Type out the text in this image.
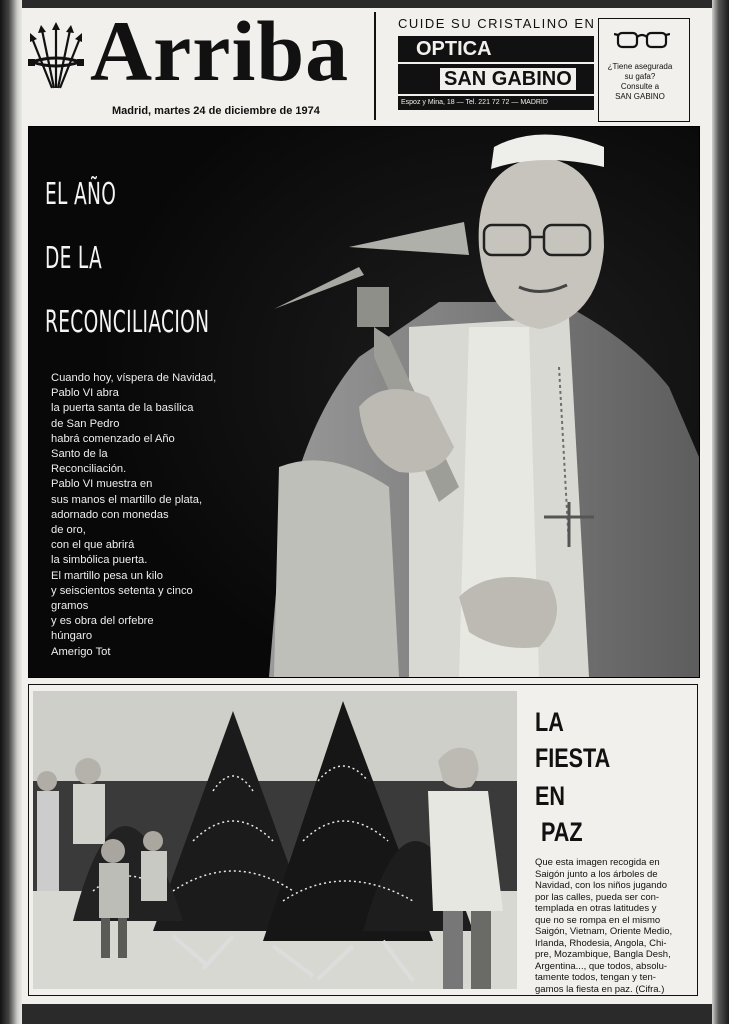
Arriba
Madrid, martes 24 de diciembre de 1974
CUIDE SU CRISTALINO EN
OPTICA
SAN GABINO
Espoz y Mina, 18 — Tel. 221 72 72 — MADRID
¿Tiene asegurada
su gafa?
Consulte a
SAN GABINO
EL AÑO
DE LA
RECONCILIACION
Cuando hoy, víspera de Navidad,
Pablo VI abra
la puerta santa de la basílica
de San Pedro
habrá comenzado el Año
Santo de la
Reconciliación.
Pablo VI muestra en
sus manos el martillo de plata,
adornado con monedas
de oro,
con el que abrirá
la simbólica puerta.
El martillo pesa un kilo
y seiscientos setenta y cinco
gramos
y es obra del orfebre
húngaro
Amerigo Tot
LA
FIESTA
EN
PAZ
Que esta imagen recogida en
Saigón junto a los árboles de
Navidad, con los niños jugando
por las calles, pueda ser con-
templada en otras latitudes y
que no se rompa en el mismo
Saigón, Vietnam, Oriente Medio,
Irlanda, Rhodesia, Angola, Chi-
pre, Mozambique, Bangla Desh,
Argentina..., que todos, absolu-
tamente todos, tengan y ten-
gamos la fiesta en paz. (Cifra.)
